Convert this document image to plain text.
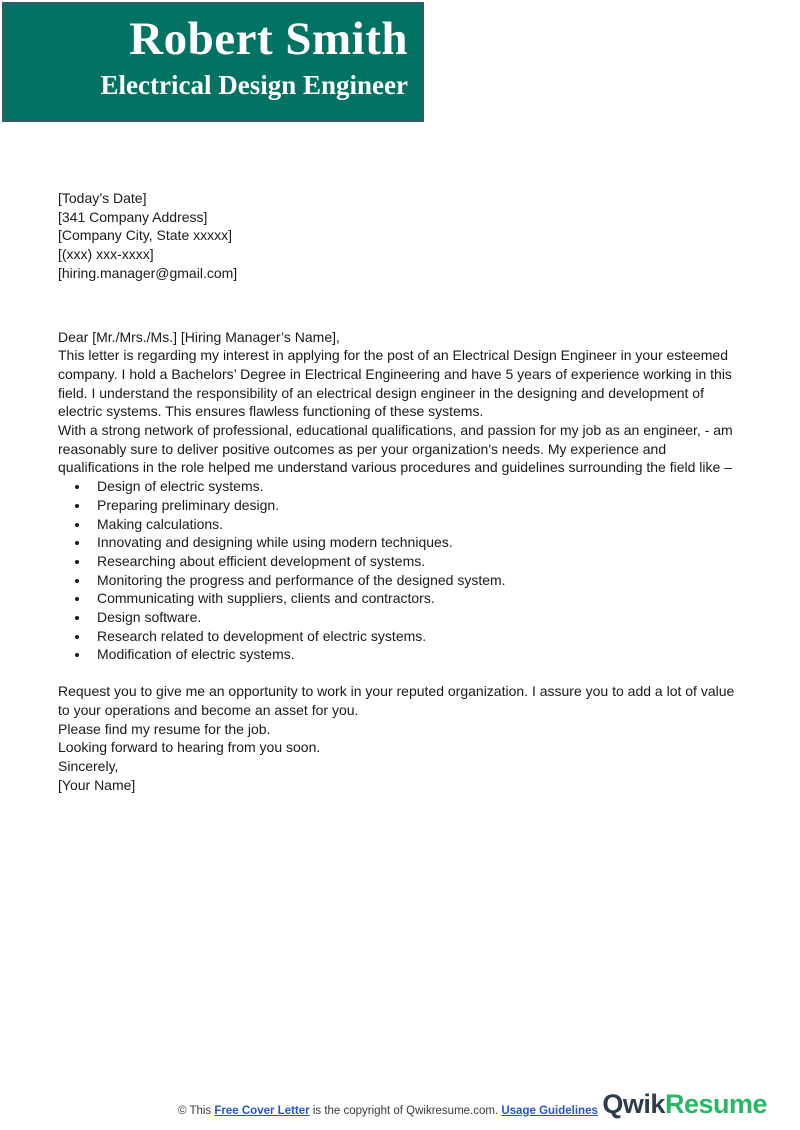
Robert Smith
Electrical Design Engineer

[Today’s Date]

[341 Company Address]

[Company City, State xxxxx]

[(xxx) xxx-xxxx]

[hiring.manager@gmail.com]

Dear [Mr./Mrs./Ms.] [Hiring Manager’s Name],

This letter is regarding my interest in applying for the post of an Electrical Design Engineer in your esteemed company. I hold a Bachelors’ Degree in Electrical Engineering and have 5 years of experience working in this field. I understand the responsibility of an electrical design engineer in the designing and development of electric systems. This ensures flawless functioning of these systems.

With a strong network of professional, educational qualifications, and passion for my job as an engineer, - am reasonably sure to deliver positive outcomes as per your organization's needs. My experience and qualifications in the role helped me understand various procedures and guidelines surrounding the field like –

• Design of electric systems.
• Preparing preliminary design.
• Making calculations.
• Innovating and designing while using modern techniques.
• Researching about efficient development of systems.
• Monitoring the progress and performance of the designed system.
• Communicating with suppliers, clients and contractors.
• Design software.
• Research related to development of electric systems.
• Modification of electric systems.

Request you to give me an opportunity to work in your reputed organization. I assure you to add a lot of value to your operations and become an asset for you.

Please find my resume for the job.

Looking forward to hearing from you soon.

Sincerely,

[Your Name]

© This Free Cover Letter is the copyright of Qwikresume.com. Usage Guidelines QwikResume
